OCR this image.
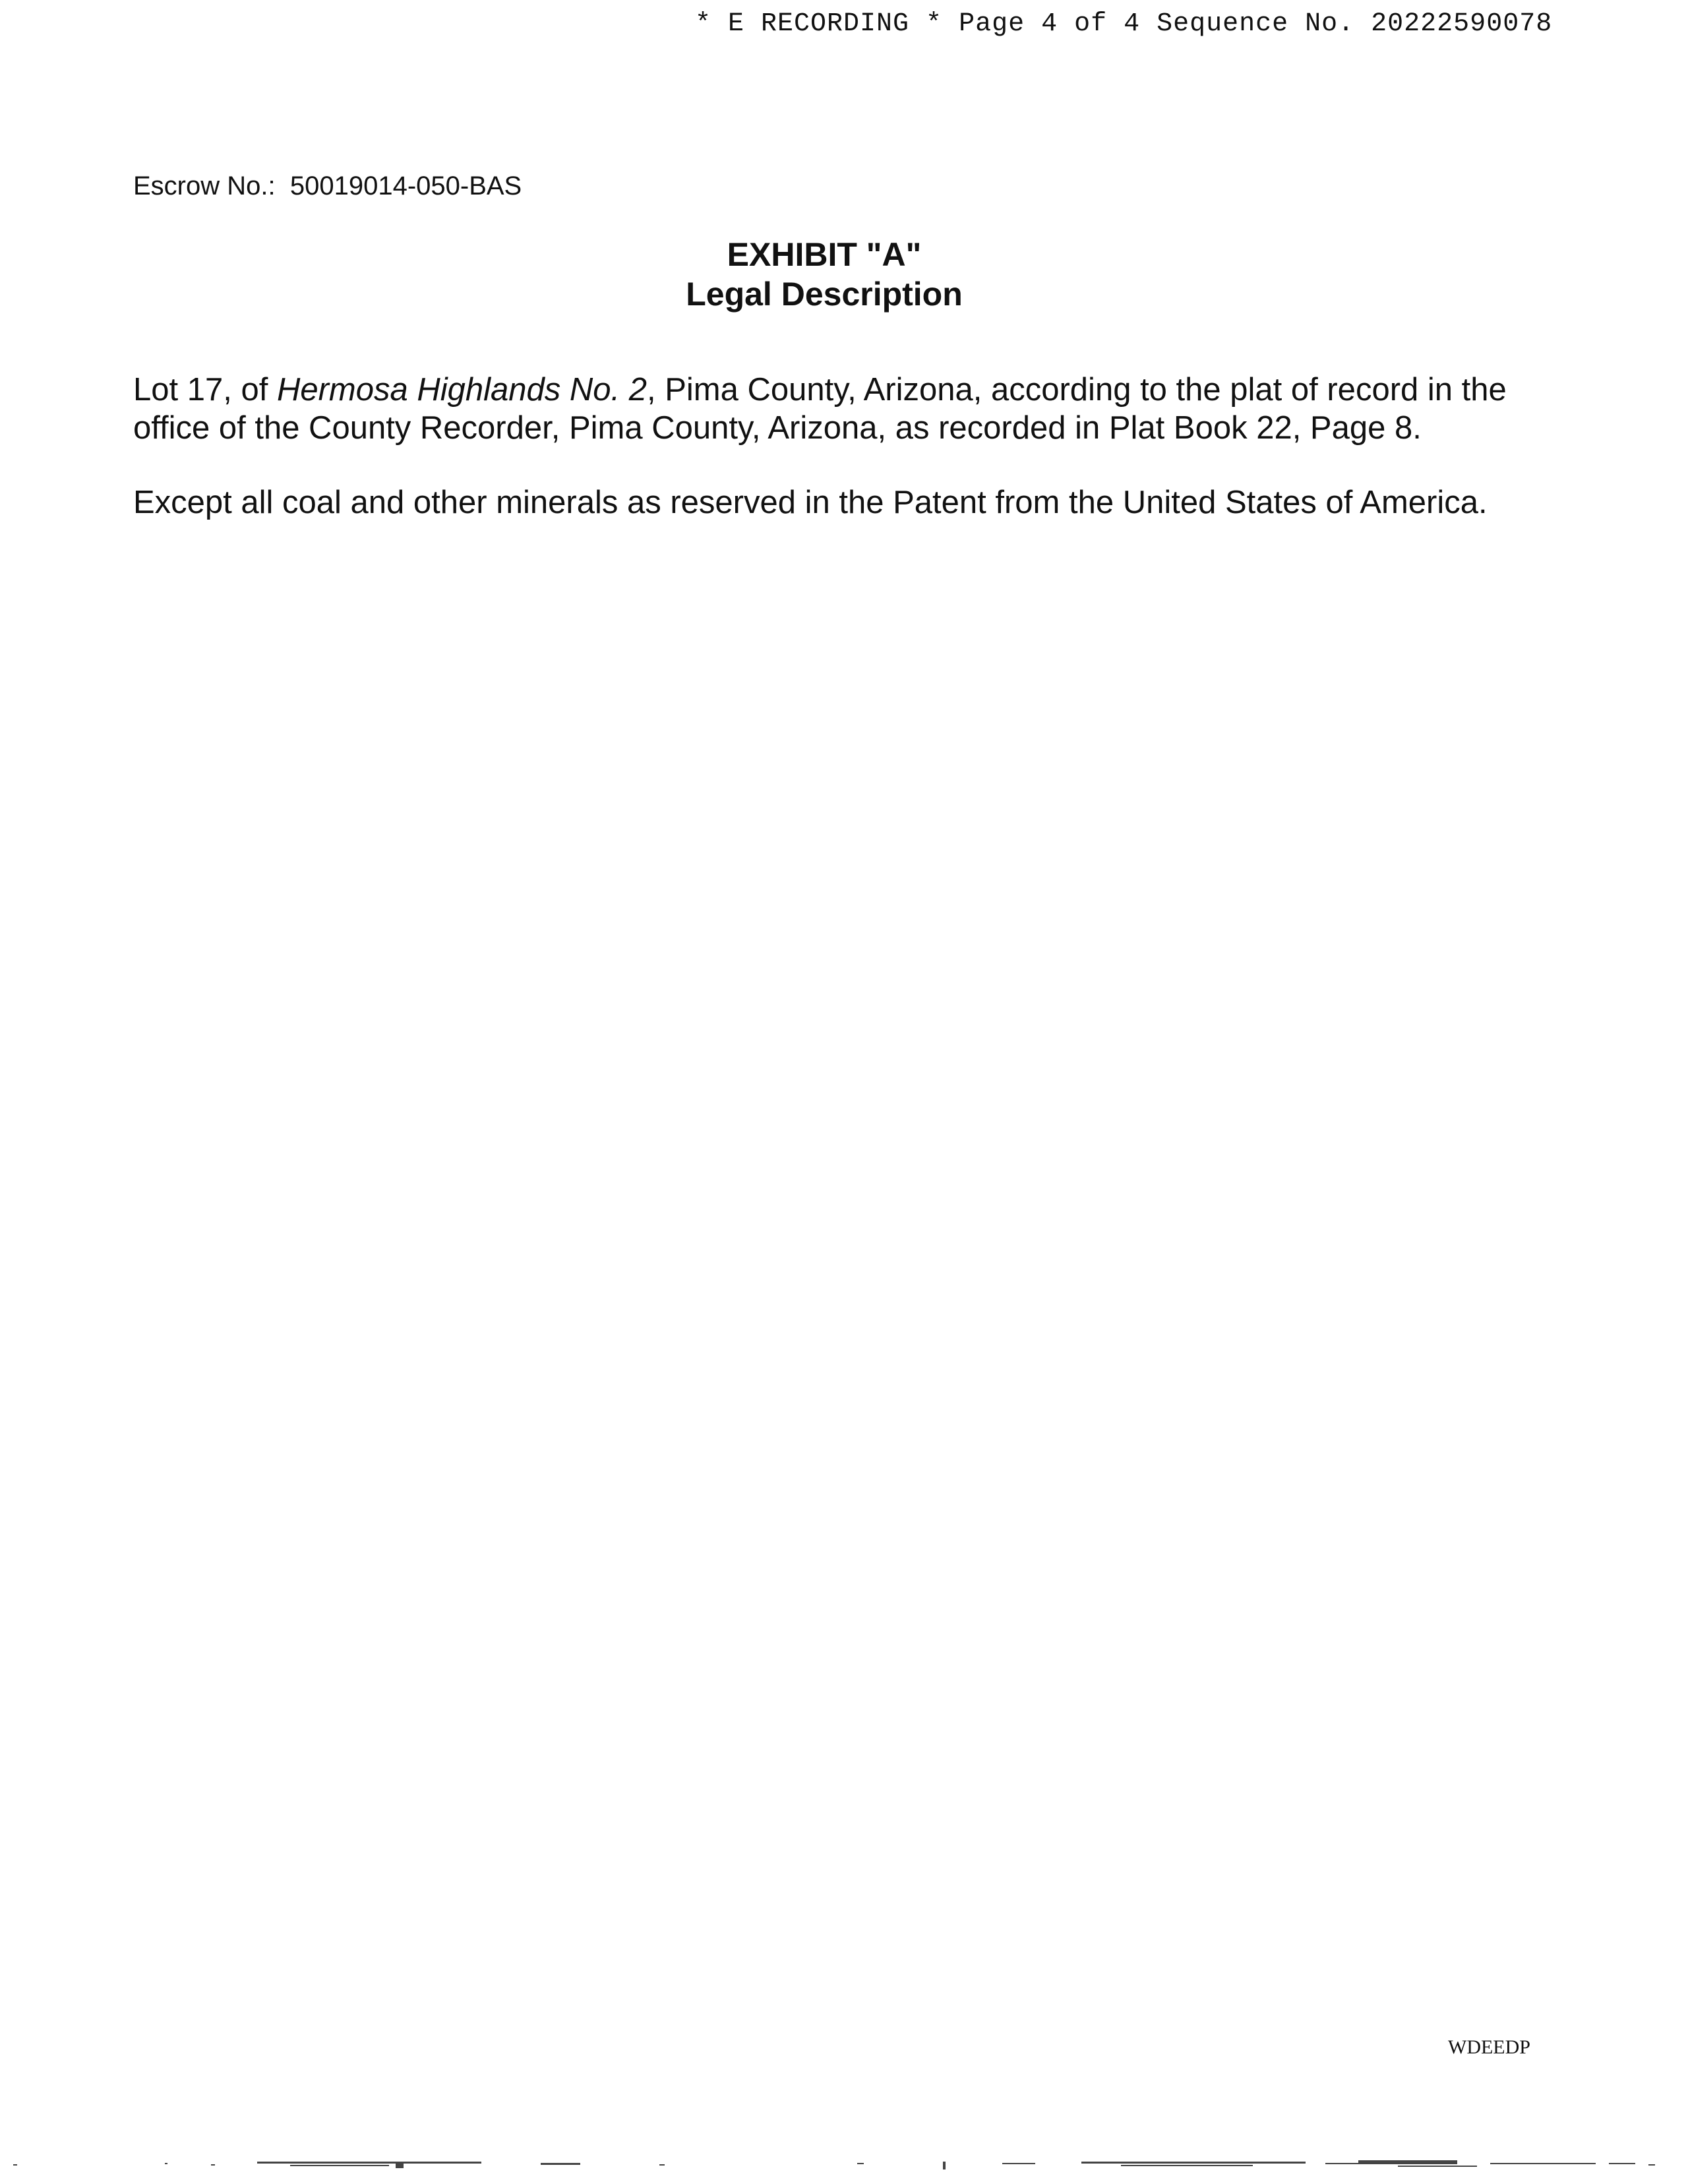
* E RECORDING * Page 4 of 4 Sequence No. 20222590078
Escrow No.: 50019014-050-BAS
EXHIBIT "A"
Legal Description
Lot 17, of Hermosa Highlands No. 2, Pima County, Arizona, according to the plat of record in the office of the County Recorder, Pima County, Arizona, as recorded in Plat Book 22, Page 8.
Except all coal and other minerals as reserved in the Patent from the United States of America.
WDEEDP
